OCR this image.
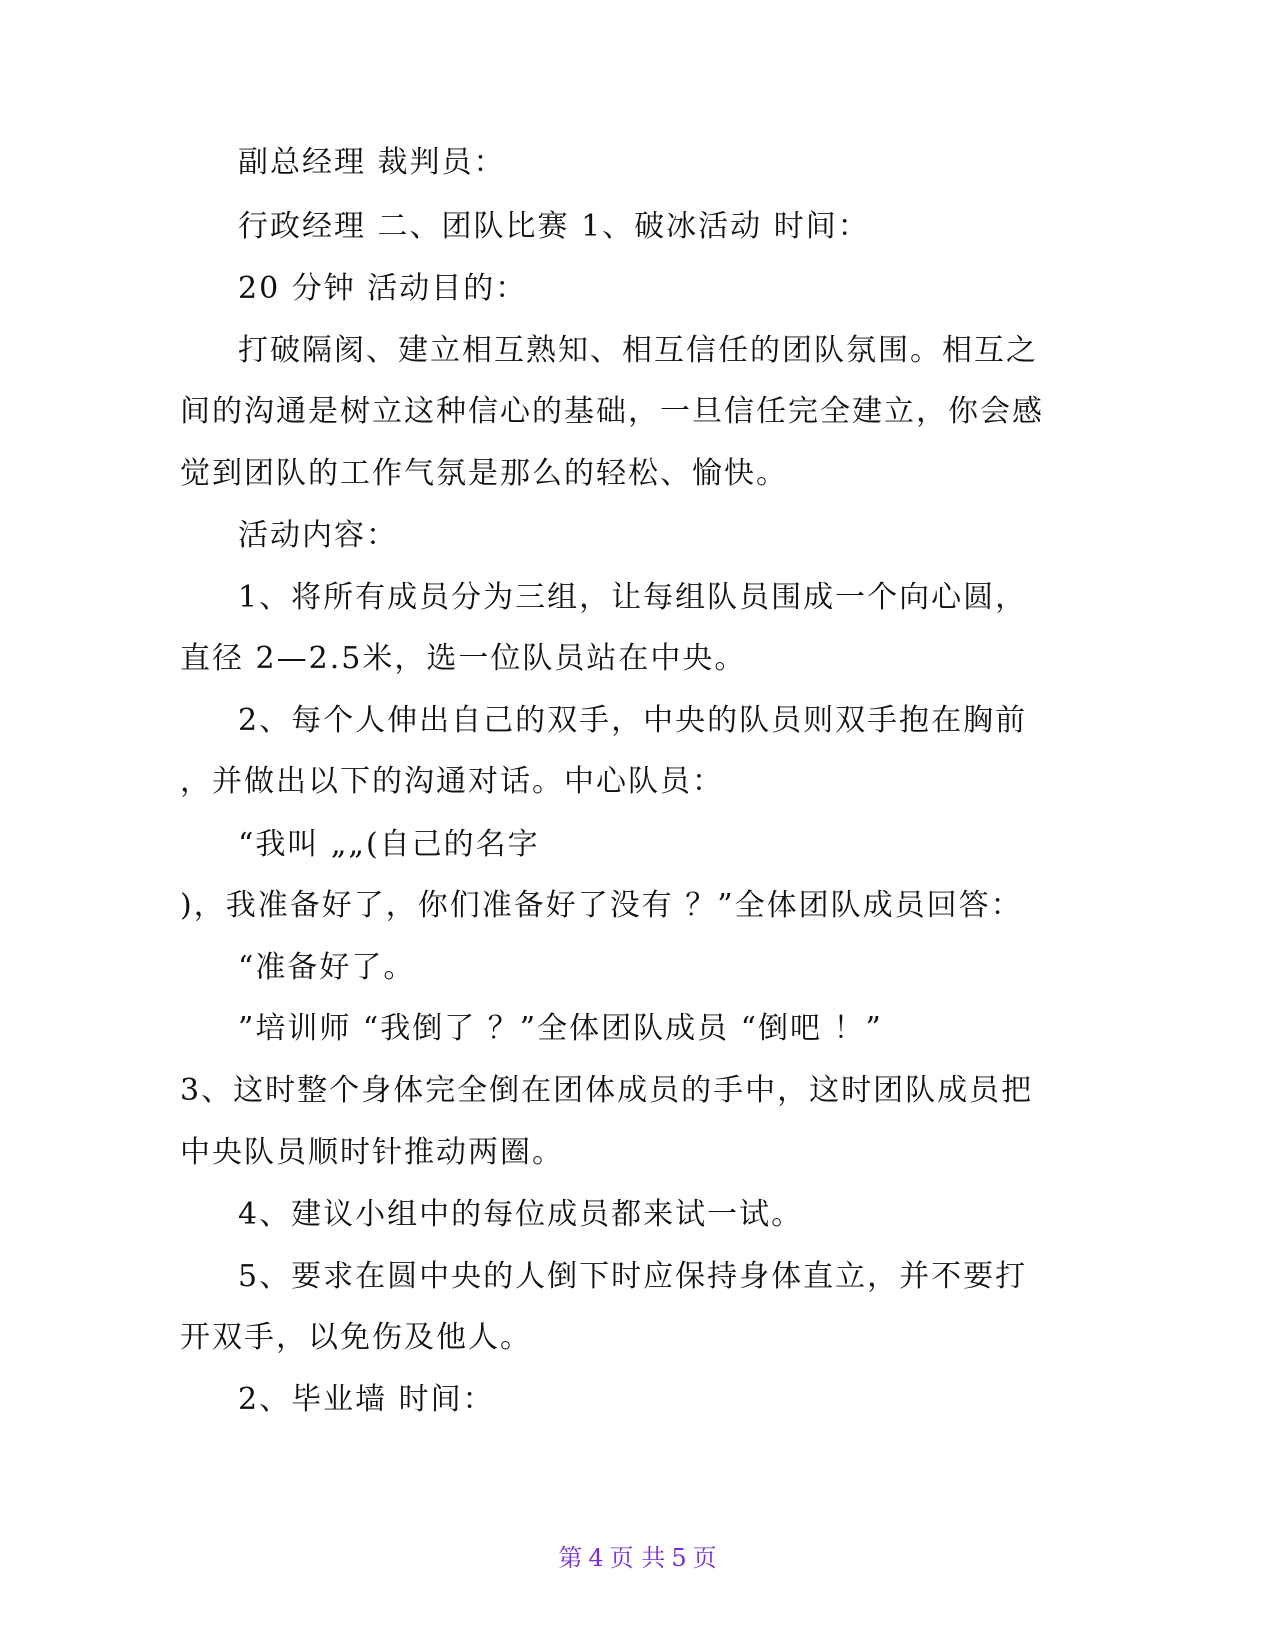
副总经理 裁判员：
行政经理 二、团队比赛 1、破冰活动 时间：
20 分钟 活动目的：
打破隔阂、建立相互熟知、相互信任的团队氛围。相互之
间的沟通是树立这种信心的基础，一旦信任完全建立，你会感
觉到团队的工作气氛是那么的轻松、愉快。
活动内容：
1、将所有成员分为三组，让每组队员围成一个向心圆，
直径 2—2.5米，选一位队员站在中央。
2、每个人伸出自己的双手，中央的队员则双手抱在胸前
，并做出以下的沟通对话。中心队员：
“我叫 „„(自己的名字
)，我准备好了，你们准备好了没有 ？”全体团队成员回答：
“准备好了。
”培训师 “我倒了 ？”全体团队成员 “倒吧 ！”
3、这时整个身体完全倒在团体成员的手中，这时团队成员把
中央队员顺时针推动两圈。
4、建议小组中的每位成员都来试一试。
5、要求在圆中央的人倒下时应保持身体直立，并不要打
开双手，以免伤及他人。
2、毕业墙 时间：
第 4 页 共 5 页
